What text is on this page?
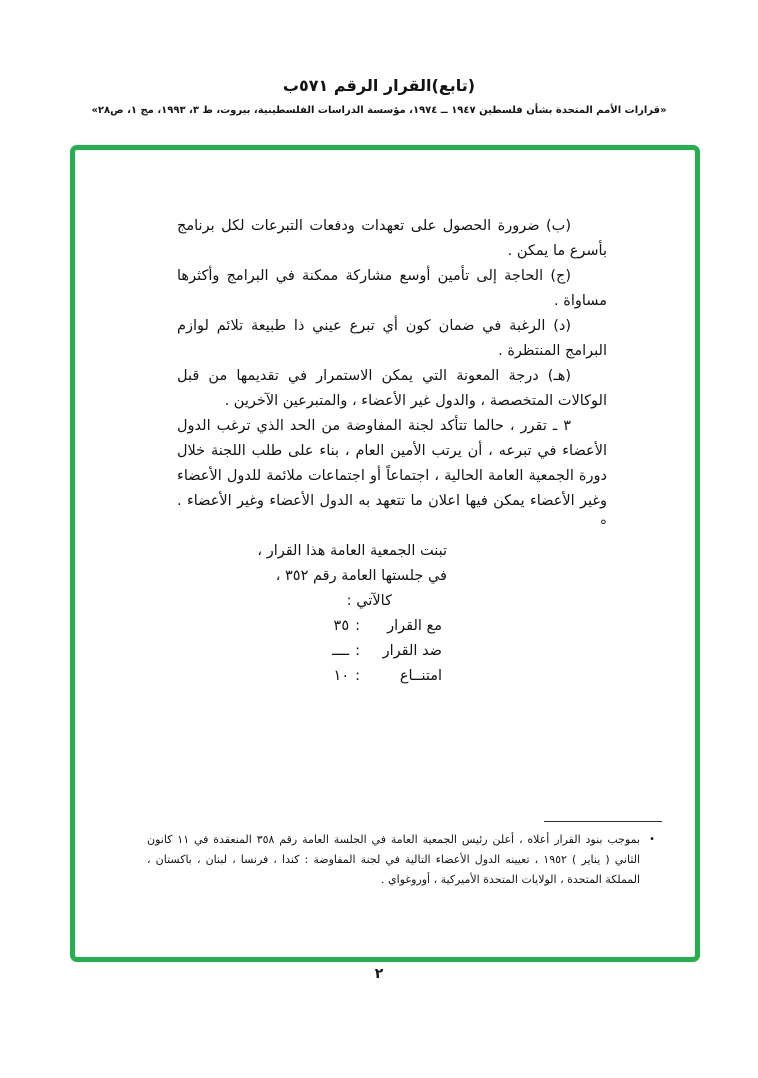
(تابع)القرار الرقم ٥٧١ب
«قرارات الأمم المتحدة بشأن فلسطين ١٩٤٧ ــ ١٩٧٤، مؤسسة الدراسات الفلسطينية، بيروت، ط ٣، ١٩٩٣، مج ١، ص٢٨»

(ب) ضرورة الحصول على تعهدات ودفعات التبرعات لكل برنامج بأسرع ما يمكن .

(ج) الحاجة إلى تأمين أوسع مشاركة ممكنة في البرامج وأكثرها مساواة .

(د) الرغبة في ضمان كون أي تبرع عيني ذا طبيعة تلائم لوازم البرامج المنتظرة .

(هـ) درجة المعونة التي يمكن الاستمرار في تقديمها من قبل الوكالات المتخصصة ، والدول غير الأعضاء ، والمتبرعين الآخرين .

٣ ـ تقرر ، حالما تتأكد لجنة المفاوضة من الحد الذي ترغب الدول الأعضاء في تبرعه ، أن يرتب الأمين العام ، بناء على طلب اللجنة خلال دورة الجمعية العامة الحالية ، اجتماعاً أو اجتماعات ملائمة للدول الأعضاء وغير الأعضاء يمكن فيها اعلان ما تتعهد به الدول الأعضاء وغير الأعضاء . °

تبنت الجمعية العامة هذا القرار ،
في جلستها العامة رقم ٣٥٢ ،
كالآتي :
مع القرار
:
٣٥
ضد القرار
:
ــــ
امتنــاع
:
١٠
•

بموجب بنود القرار أعلاه ، أعلن رئيس الجمعية العامة في الجلسة العامة رقم ٣٥٨ المنعقدة في ١١ كانون الثاني ( يناير ) ١٩٥٢ ، تعيينه الدول الأعضاء التالية في لجنة المفاوضة : كندا ، فرنسا ، لبنان ، باكستان ، المملكة المتحدة ، الولايات المتحدة الأميركية ، أوروغواي .

٢
